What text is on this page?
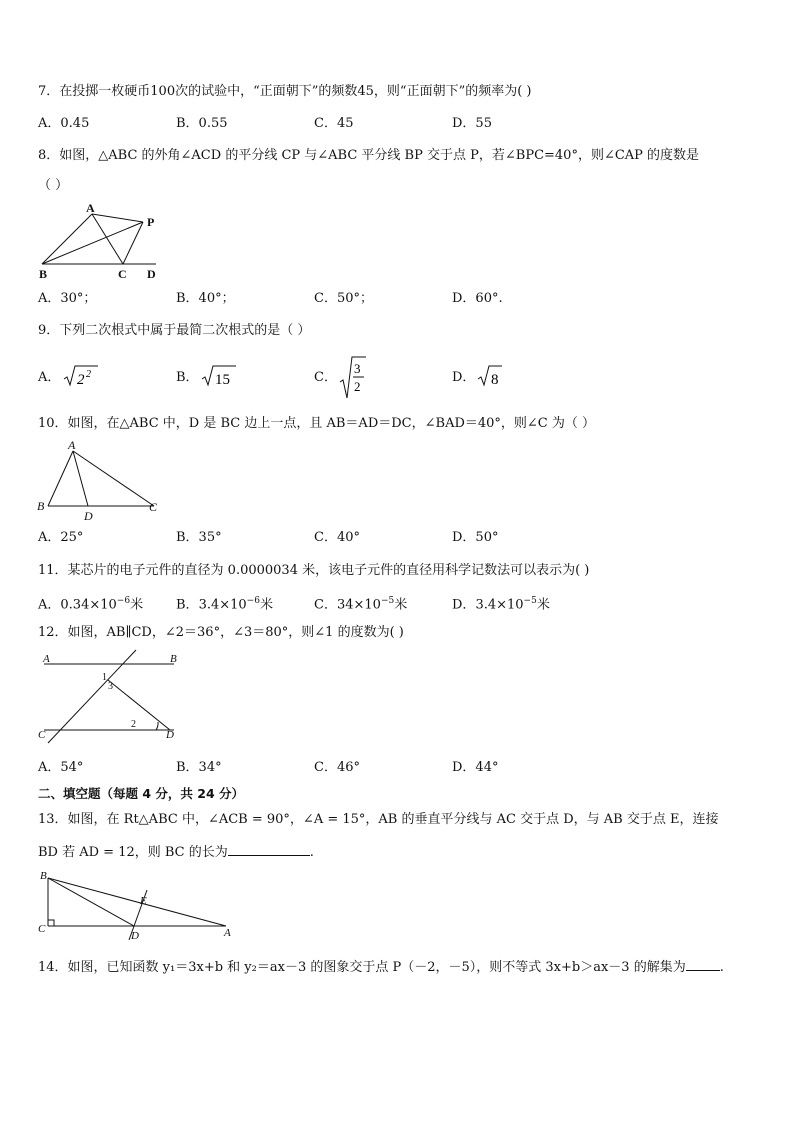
7．在投掷一枚硬币100次的试验中，“正面朝下”的频数45，则“正面朝下”的频率为( )
A．0.45	B．0.55	C．45	D．55
8．如图，△ABC 的外角∠ACD 的平分线 CP 与∠ABC 平分线 BP 交于点 P，若∠BPC=40°，则∠CAP 的度数是
（ ）
A
P
B	C D
A．30°；	B．40°；	C．50°；	D．60°.
9．下列二次根式中属于最简二次根式的是（ ）
A． 2 2	B． 15	C．
3
2
D． 8
10．如图，在△ABC 中，D 是 BC 边上一点，且 AB＝AD＝DC，∠BAD＝40°，则∠C 为（ ）
A
B
D
C
A．25°	B．35°	C．40°	D．50°
11．某芯片的电子元件的直径为 0.0000034 米，该电子元件的直径用科学记数法可以表示为( )
A．$0.34\times 10^{-6}$米	B．$3.4\times 10^{-6}$米	C．$34\times 10^{-5}$米	D．$3.4\times 10^{-5}$米
12．如图，AB∥CD，∠2＝36°，∠3＝80°，则∠1 的度数为( )
A	B
C	D
1
3
2
A．54°	B．34°	C．46°	D．44°
二、填空题（每题 4 分，共 24 分）
13．如图，在 Rt△ABC 中，∠ACB = 90°，∠A = 15°，AB 的垂直平分线与 AC 交于点 D，与 AB 交于点 E，连接
BD 若 AD = 12，则 BC 的长为	.
B
E
C
D	A
14．如图，已知函数 y₁＝3x+b 和 y₂＝ax－3 的图象交于点 P（－2，－5），则不等式 3x+b＞ax－3 的解集为	.
